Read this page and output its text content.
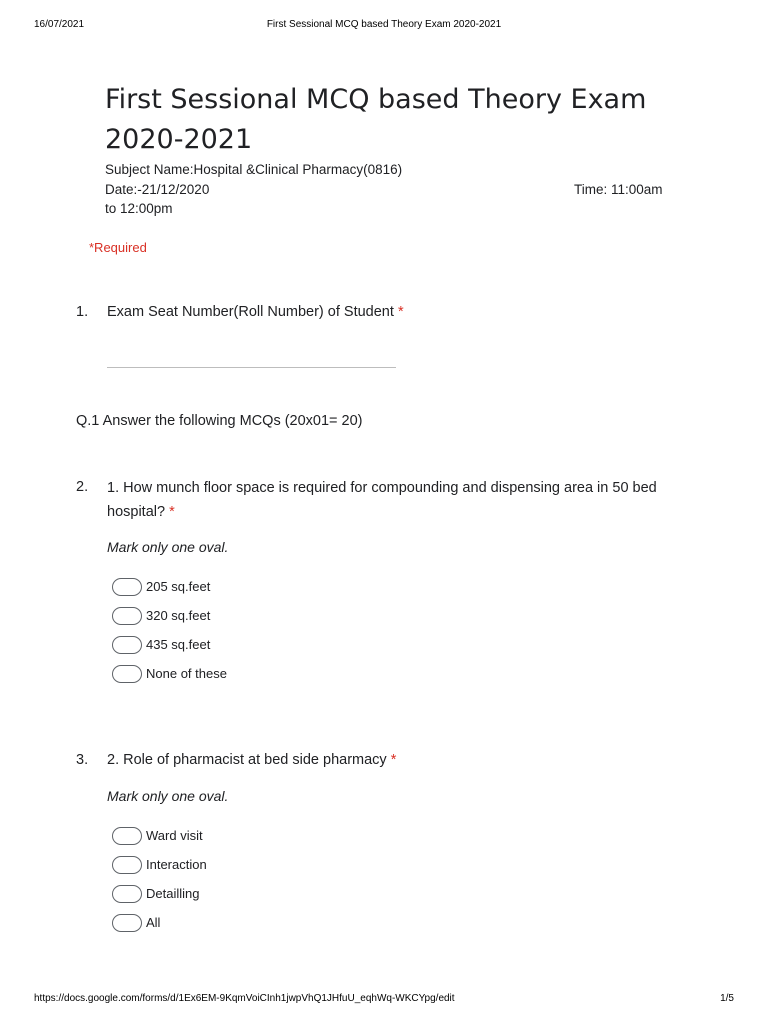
16/07/2021	First Sessional MCQ based Theory Exam 2020-2021
First Sessional MCQ based Theory Exam 2020-2021
Subject Name:Hospital &Clinical Pharmacy(0816)
Date:-21/12/2020	Time: 11:00am
to 12:00pm
*Required
1. Exam Seat Number(Roll Number) of Student *
Q.1 Answer the following MCQs (20x01= 20)
2. 1. How munch floor space is required for compounding and dispensing area in 50 bed hospital? *
Mark only one oval.
205 sq.feet
320 sq.feet
435 sq.feet
None of these
3. 2. Role of pharmacist at bed side pharmacy *
Mark only one oval.
Ward visit
Interaction
Detailling
All
https://docs.google.com/forms/d/1Ex6EM-9KqmVoiCInh1jwpVhQ1JHfuU_eqhWq-WKCYpg/edit	1/5
